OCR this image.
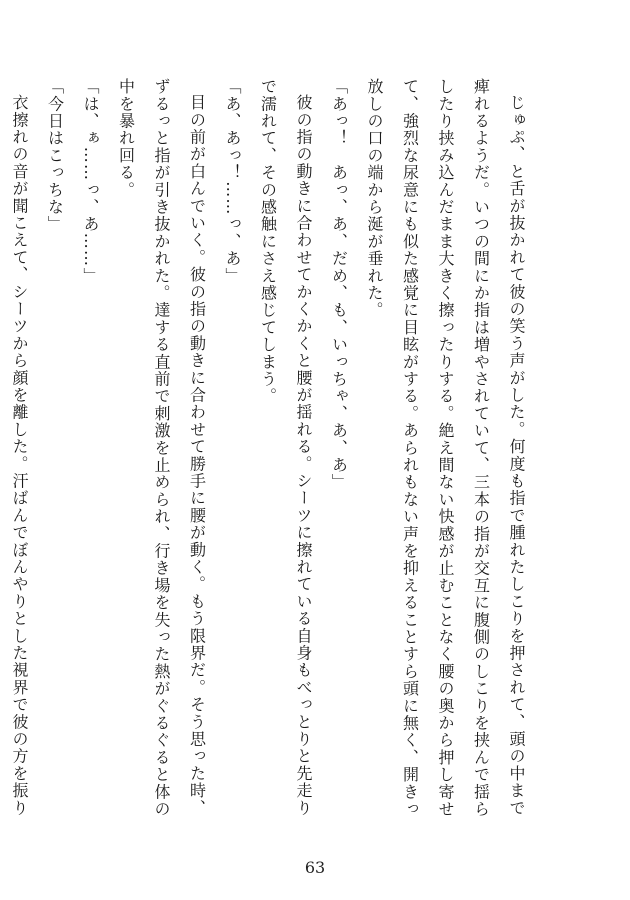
じゅぷ、と舌が抜かれて彼の笑う声がした。何度も指で腫れたしこりを押されて、頭の中まで
痺れるようだ。いつの間にか指は増やされていて、三本の指が交互に腹側のしこりを挟んで揺ら
したり挟み込んだまま大きく擦ったりする。絶え間ない快感が止むことなく腰の奥から押し寄せ
て、強烈な尿意にも似た感覚に目眩がする。あられもない声を抑えることすら頭に無く、開きっ
放しの口の端から涎が垂れた。
「あっ！　あっ、あ、だめ、も、いっちゃ、あ、あ」
彼の指の動きに合わせてかくかくと腰が揺れる。シーツに擦れている自身もべっとりと先走り
で濡れて、その感触にさえ感じてしまう。
「あ、あっ！……っ、あ」
目の前が白んでいく。彼の指の動きに合わせて勝手に腰が動く。もう限界だ。そう思った時、
ずるっと指が引き抜かれた。達する直前で刺激を止められ、行き場を失った熱がぐるぐると体の
中を暴れ回る。
「は、ぁ……っ、あ……」
「今日はこっちな」
衣擦れの音が聞こえて、シーツから顔を離した。汗ばんでぼんやりとした視界で彼の方を振り
63
